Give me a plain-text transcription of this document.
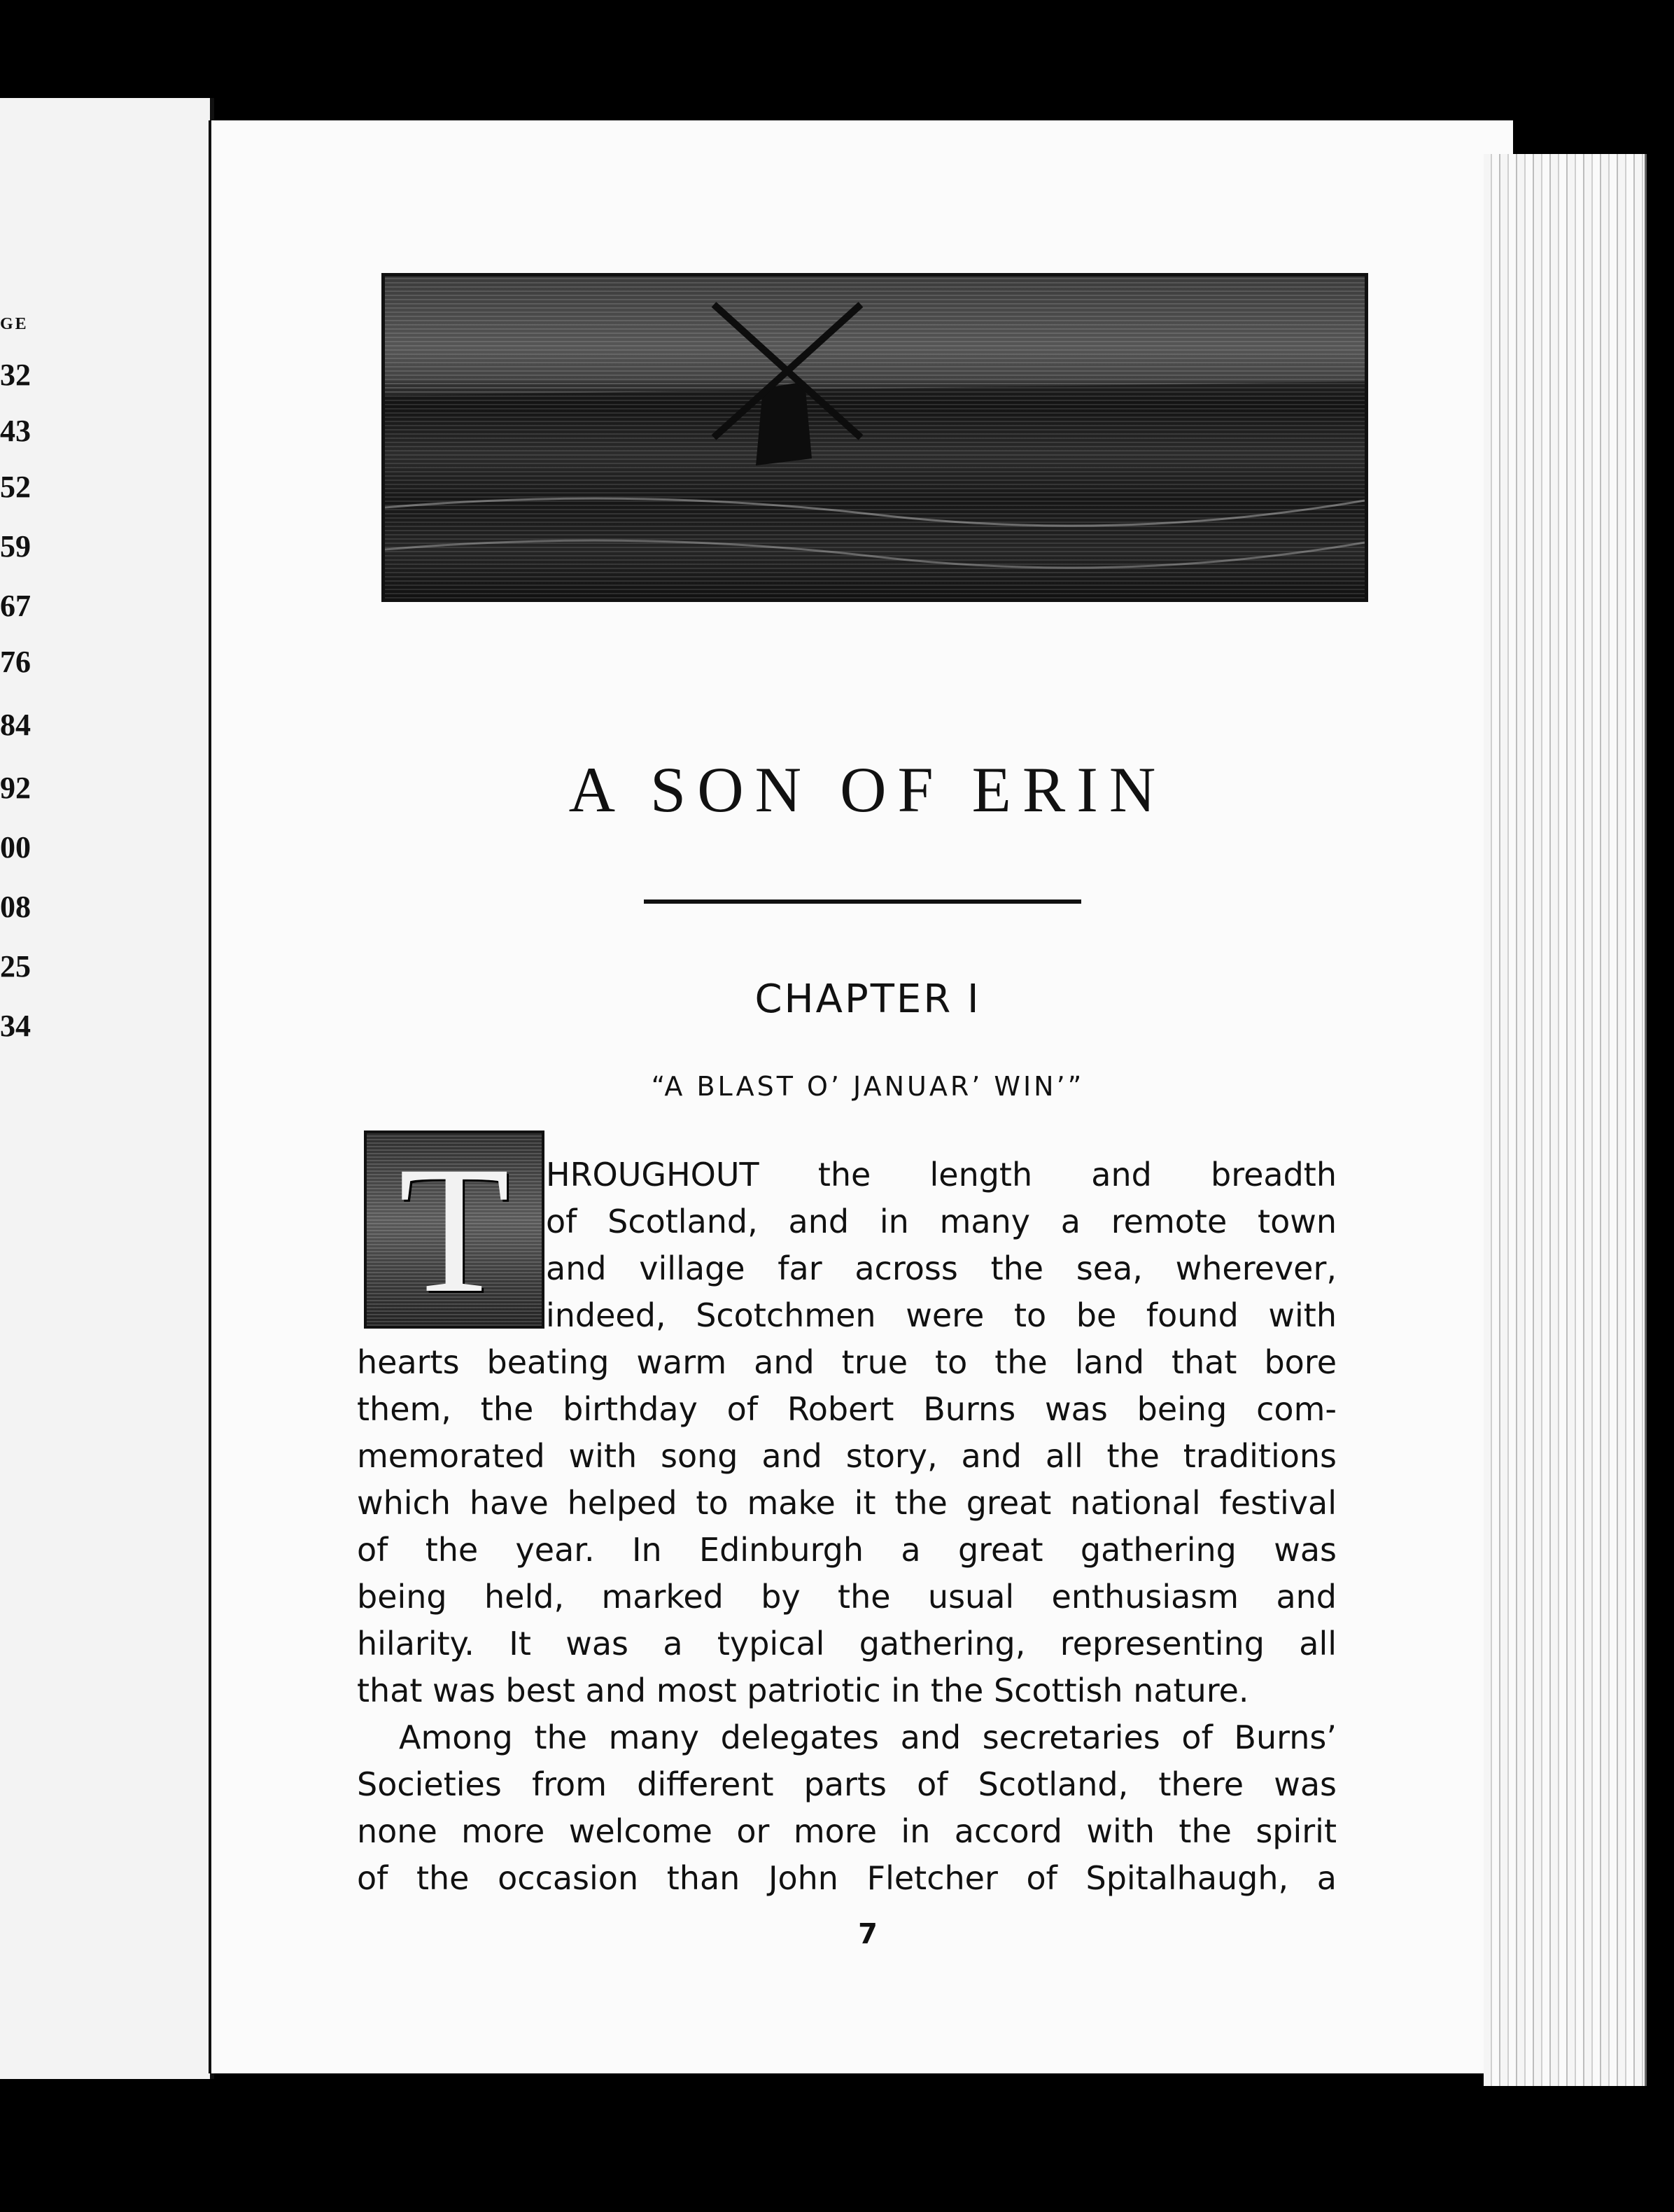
GE
32
43
52
59
67
76
84
92
00
08
25
34
A SON OF ERIN
CHAPTER I
“A BLAST O’ JANUAR’ WIN’”
T	HROUGHOUT the length and breadth
of Scotland, and in many a remote town
and village far across the sea, wherever,
indeed, Scotchmen were to be found with
hearts beating warm and true to the land that bore
them, the birthday of Robert Burns was being com-
memorated with song and story, and all the traditions
which have helped to make it the great national festival
of the year. In Edinburgh a great gathering was
being held, marked by the usual enthusiasm and
hilarity. It was a typical gathering, representing all
that was best and most patriotic in the Scottish nature.
Among the many delegates and secretaries of Burns’
Societies from different parts of Scotland, there was
none more welcome or more in accord with the spirit
of the occasion than John Fletcher of Spitalhaugh, a
7
